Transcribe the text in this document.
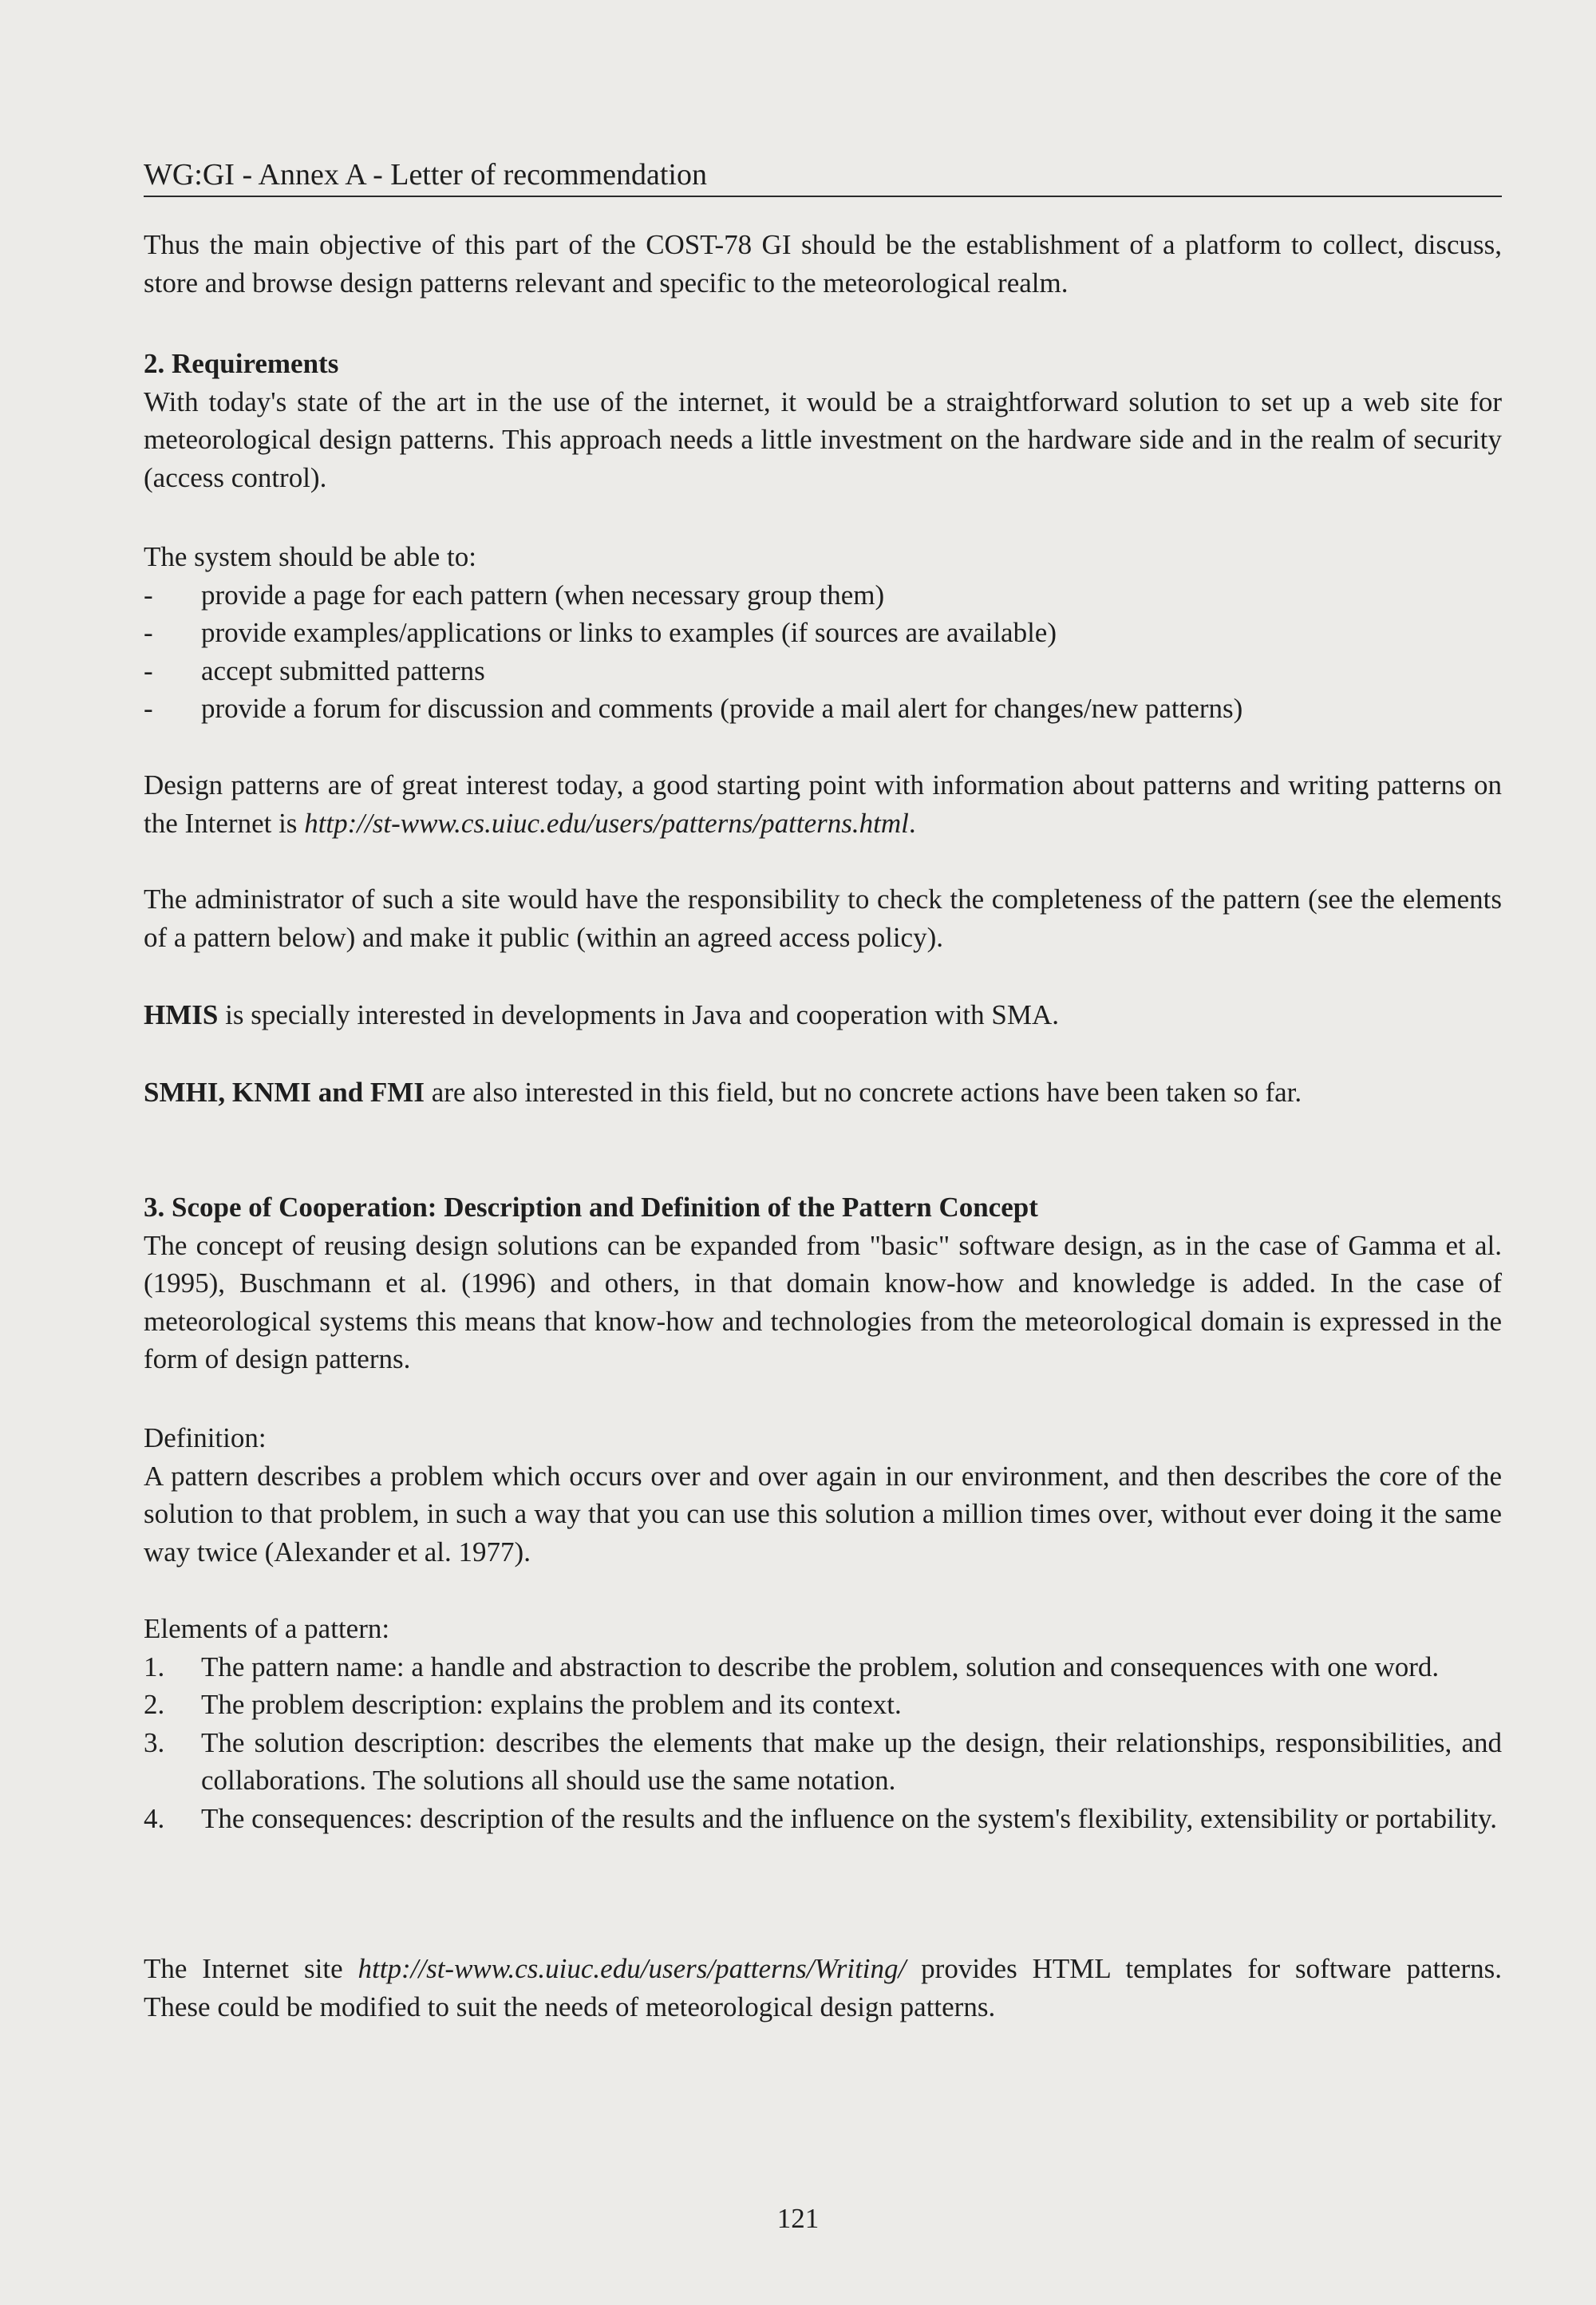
WG:GI - Annex A - Letter of recommendation

Thus the main objective of this part of the COST-78 GI should be the establishment of a platform to collect, discuss, store and browse design patterns relevant and specific to the meteorological realm.

2. Requirements

With today's state of the art in the use of the internet, it would be a straightforward solution to set up a web site for meteorological design patterns. This approach needs a little investment on the hardware side and in the realm of security (access control).

The system should be able to:

-	provide a page for each pattern (when necessary group them)
-	provide examples/applications or links to examples (if sources are available)
-	accept submitted patterns
-	provide a forum for discussion and comments (provide a mail alert for changes/new patterns)

Design patterns are of great interest today, a good starting point with information about patterns and writing patterns on the Internet is http://st-www.cs.uiuc.edu/users/patterns/patterns.html.

The administrator of such a site would have the responsibility to check the completeness of the pattern (see the elements of a pattern below) and make it public (within an agreed access policy).

HMIS is specially interested in developments in Java and cooperation with SMA.

SMHI, KNMI and FMI are also interested in this field, but no concrete actions have been taken so far.

3. Scope of Cooperation: Description and Definition of the Pattern Concept

The concept of reusing design solutions can be expanded from "basic" software design, as in the case of Gamma et al. (1995), Buschmann et al. (1996) and others, in that domain know-how and knowledge is added. In the case of meteorological systems this means that know-how and technologies from the meteorological domain is expressed in the form of design patterns.

Definition:

A pattern describes a problem which occurs over and over again in our environment, and then describes the core of the solution to that problem, in such a way that you can use this solution a million times over, without ever doing it the same way twice (Alexander et al. 1977).

Elements of a pattern:

1.	The pattern name: a handle and abstraction to describe the problem, solution and consequences with one word.
2.	The problem description: explains the problem and its context.
3.	The solution description: describes the elements that make up the design, their relationships, responsibilities, and collaborations. The solutions all should use the same notation.
4.	The consequences: description of the results and the influence on the system's flexibility, extensibility or portability.

The Internet site http://st-www.cs.uiuc.edu/users/patterns/Writing/ provides HTML templates for software patterns. These could be modified to suit the needs of meteorological design patterns.

121
